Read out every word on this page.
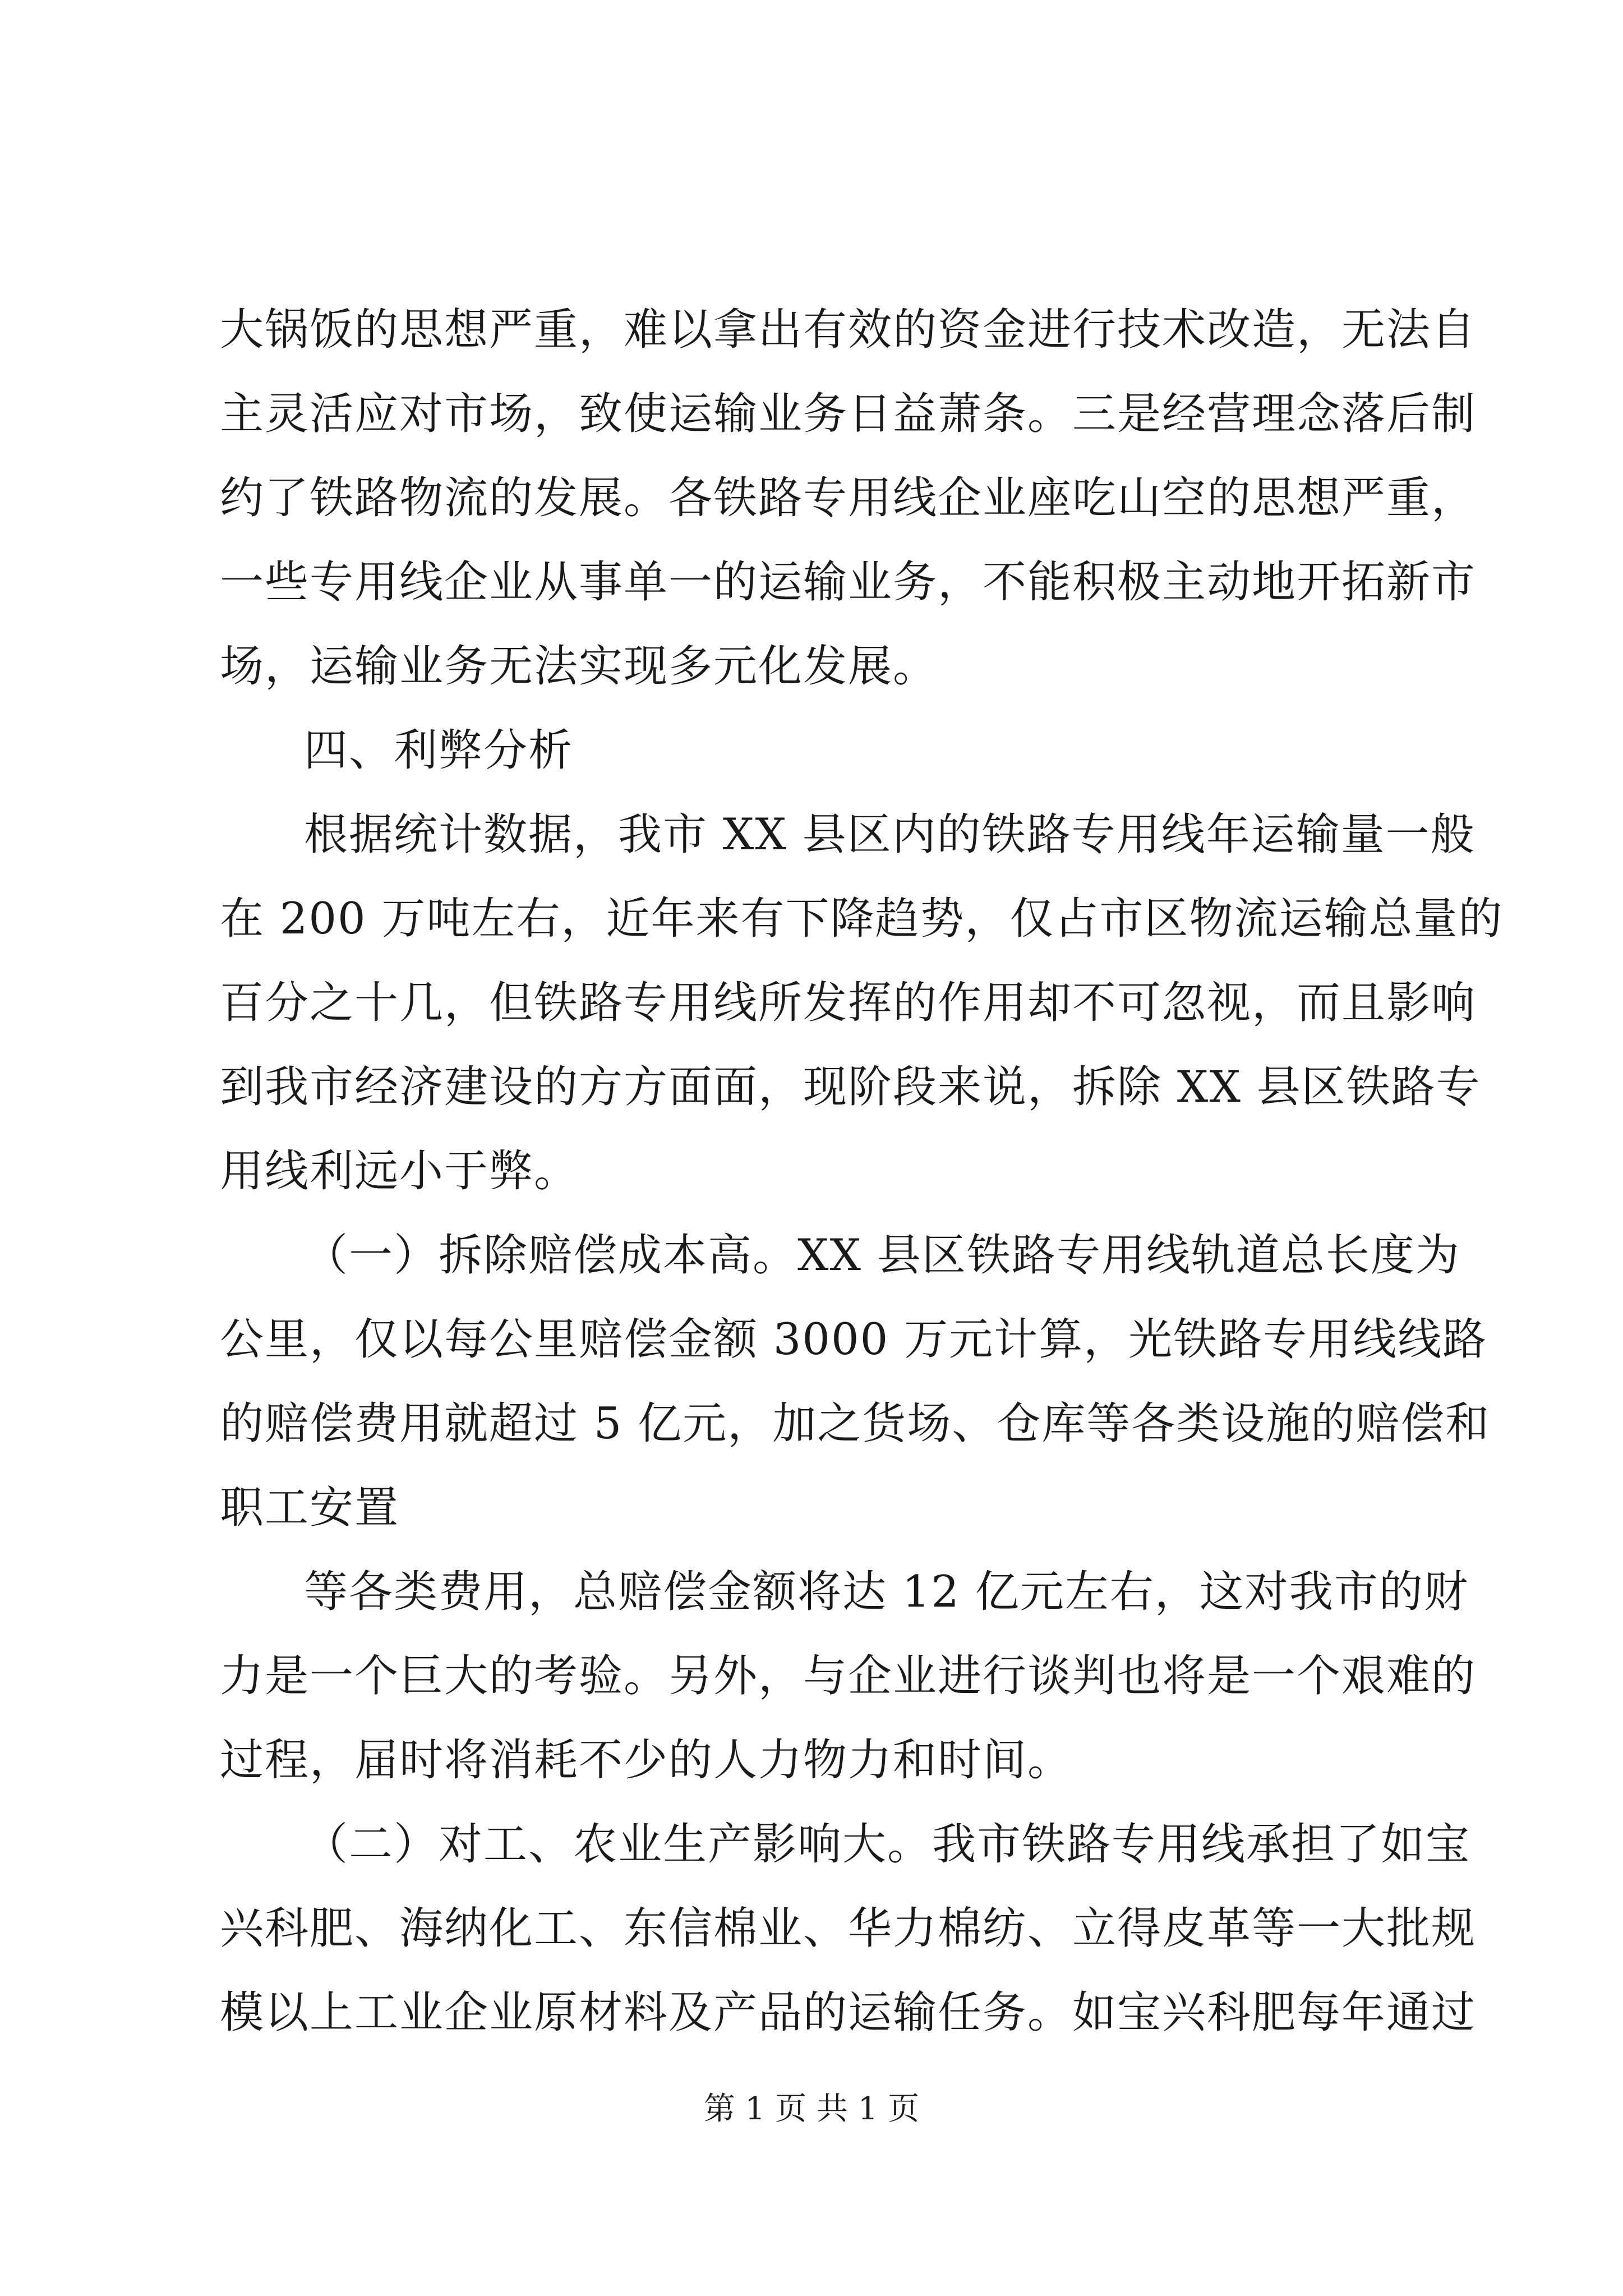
大锅饭的思想严重，难以拿出有效的资金进行技术改造，无法自
主灵活应对市场，致使运输业务日益萧条。三是经营理念落后制
约了铁路物流的发展。各铁路专用线企业座吃山空的思想严重，
一些专用线企业从事单一的运输业务，不能积极主动地开拓新市
场，运输业务无法实现多元化发展。
四、利弊分析
根据统计数据，我市 XX 县区内的铁路专用线年运输量一般
在 200 万吨左右，近年来有下降趋势，仅占市区物流运输总量的
百分之十几，但铁路专用线所发挥的作用却不可忽视，而且影响
到我市经济建设的方方面面，现阶段来说，拆除 XX 县区铁路专
用线利远小于弊。
（一）拆除赔偿成本高。XX 县区铁路专用线轨道总长度为
公里，仅以每公里赔偿金额 3000 万元计算，光铁路专用线线路
的赔偿费用就超过 5 亿元，加之货场、仓库等各类设施的赔偿和
职工安置
等各类费用，总赔偿金额将达 12 亿元左右，这对我市的财
力是一个巨大的考验。另外，与企业进行谈判也将是一个艰难的
过程，届时将消耗不少的人力物力和时间。
（二）对工、农业生产影响大。我市铁路专用线承担了如宝
兴科肥、海纳化工、东信棉业、华力棉纺、立得皮革等一大批规
模以上工业企业原材料及产品的运输任务。如宝兴科肥每年通过
第 1 页 共 1 页
